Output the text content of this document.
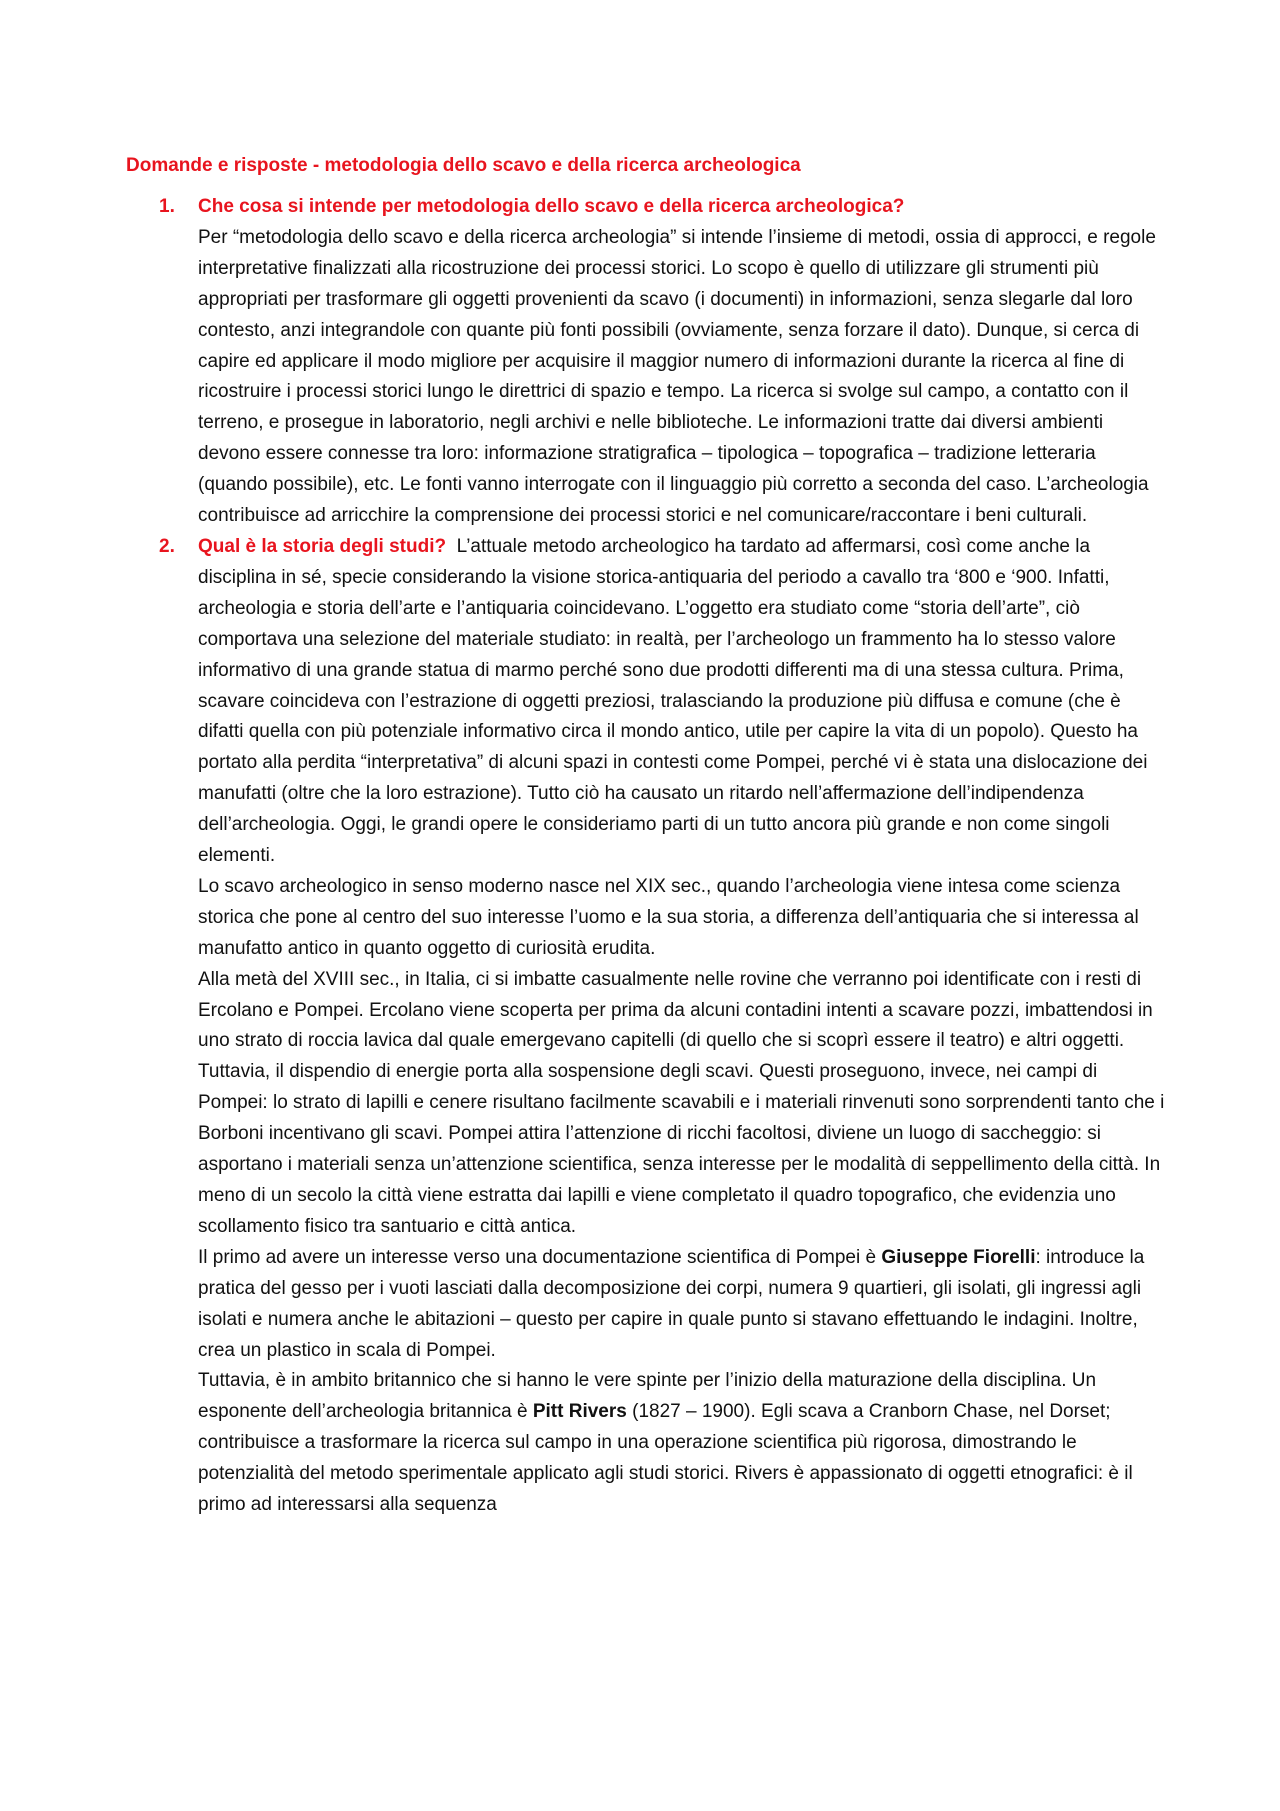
Domande e risposte - metodologia dello scavo e della ricerca archeologica
1. Che cosa si intende per metodologia dello scavo e della ricerca archeologica?

Per “metodologia dello scavo e della ricerca archeologia” si intende l’insieme di metodi, ossia di approcci, e regole interpretative finalizzati alla ricostruzione dei processi storici. Lo scopo è quello di utilizzare gli strumenti più appropriati per trasformare gli oggetti provenienti da scavo (i documenti) in informazioni, senza slegarle dal loro contesto, anzi integrandole con quante più fonti possibili (ovviamente, senza forzare il dato). Dunque, si cerca di capire ed applicare il modo migliore per acquisire il maggior numero di informazioni durante la ricerca al fine di ricostruire i processi storici lungo le direttrici di spazio e tempo. La ricerca si svolge sul campo, a contatto con il terreno, e prosegue in laboratorio, negli archivi e nelle biblioteche. Le informazioni tratte dai diversi ambienti devono essere connesse tra loro: informazione stratigrafica – tipologica – topografica – tradizione letteraria (quando possibile), etc. Le fonti vanno interrogate con il linguaggio più corretto a seconda del caso. L’archeologia contribuisce ad arricchire la comprensione dei processi storici e nel comunicare/raccontare i beni culturali.

2. Qual è la storia degli studi? L’attuale metodo archeologico ha tardato ad affermarsi, così come anche la disciplina in sé, specie considerando la visione storica-antiquaria del periodo a cavallo tra ‘800 e ‘900. Infatti, archeologia e storia dell’arte e l’antiquaria coincidevano. L’oggetto era studiato come “storia dell’arte”, ciò comportava una selezione del materiale studiato: in realtà, per l’archeologo un frammento ha lo stesso valore informativo di una grande statua di marmo perché sono due prodotti differenti ma di una stessa cultura. Prima, scavare coincideva con l’estrazione di oggetti preziosi, tralasciando la produzione più diffusa e comune (che è difatti quella con più potenziale informativo circa il mondo antico, utile per capire la vita di un popolo). Questo ha portato alla perdita “interpretativa” di alcuni spazi in contesti come Pompei, perché vi è stata una dislocazione dei manufatti (oltre che la loro estrazione). Tutto ciò ha causato un ritardo nell’affermazione dell’indipendenza dell’archeologia. Oggi, le grandi opere le consideriamo parti di un tutto ancora più grande e non come singoli elementi.

Lo scavo archeologico in senso moderno nasce nel XIX sec., quando l’archeologia viene intesa come scienza storica che pone al centro del suo interesse l’uomo e la sua storia, a differenza dell’antiquaria che si interessa al manufatto antico in quanto oggetto di curiosità erudita.

Alla metà del XVIII sec., in Italia, ci si imbatte casualmente nelle rovine che verranno poi identificate con i resti di Ercolano e Pompei. Ercolano viene scoperta per prima da alcuni contadini intenti a scavare pozzi, imbattendosi in uno strato di roccia lavica dal quale emergevano capitelli (di quello che si scoprì essere il teatro) e altri oggetti. Tuttavia, il dispendio di energie porta alla sospensione degli scavi. Questi proseguono, invece, nei campi di Pompei: lo strato di lapilli e cenere risultano facilmente scavabili e i materiali rinvenuti sono sorprendenti tanto che i Borboni incentivano gli scavi. Pompei attira l’attenzione di ricchi facoltosi, diviene un luogo di saccheggio: si asportano i materiali senza un’attenzione scientifica, senza interesse per le modalità di seppellimento della città. In meno di un secolo la città viene estratta dai lapilli e viene completato il quadro topografico, che evidenzia uno scollamento fisico tra santuario e città antica.

Il primo ad avere un interesse verso una documentazione scientifica di Pompei è Giuseppe Fiorelli: introduce la pratica del gesso per i vuoti lasciati dalla decomposizione dei corpi, numera 9 quartieri, gli isolati, gli ingressi agli isolati e numera anche le abitazioni – questo per capire in quale punto si stavano effettuando le indagini. Inoltre, crea un plastico in scala di Pompei.

Tuttavia, è in ambito britannico che si hanno le vere spinte per l’inizio della maturazione della disciplina. Un esponente dell’archeologia britannica è Pitt Rivers (1827 – 1900). Egli scava a Cranborn Chase, nel Dorset; contribuisce a trasformare la ricerca sul campo in una operazione scientifica più rigorosa, dimostrando le potenzialità del metodo sperimentale applicato agli studi storici. Rivers è appassionato di oggetti etnografici: è il primo ad interessarsi alla sequenza
